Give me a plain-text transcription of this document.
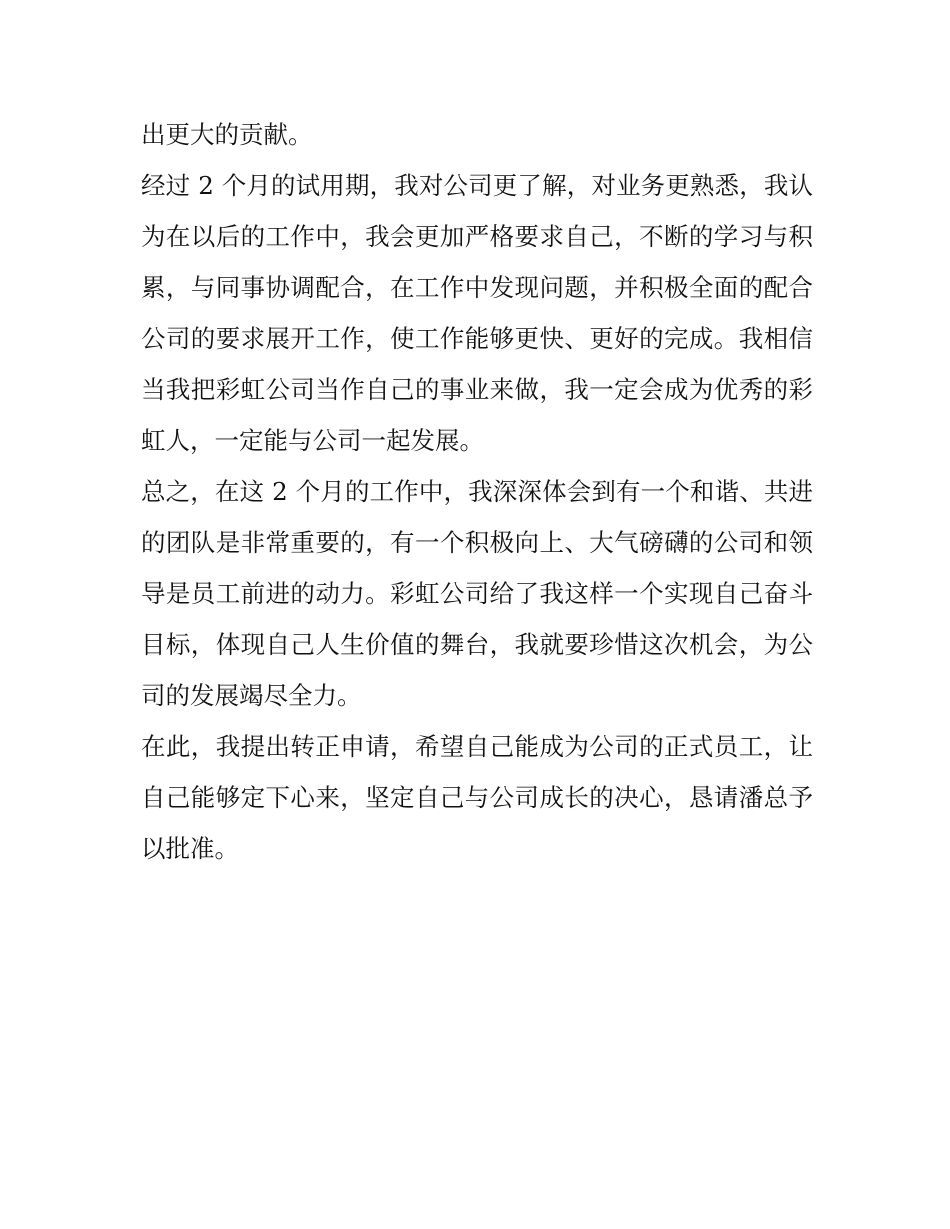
出更大的贡献。
经过 2 个月的试用期，我对公司更了解，对业务更熟悉，我认
为在以后的工作中，我会更加严格要求自己，不断的学习与积
累，与同事协调配合，在工作中发现问题，并积极全面的配合
公司的要求展开工作，使工作能够更快、更好的完成。我相信
当我把彩虹公司当作自己的事业来做，我一定会成为优秀的彩
虹人，一定能与公司一起发展。
总之，在这 2 个月的工作中，我深深体会到有一个和谐、共进
的团队是非常重要的，有一个积极向上、大气磅礴的公司和领
导是员工前进的动力。彩虹公司给了我这样一个实现自己奋斗
目标，体现自己人生价值的舞台，我就要珍惜这次机会，为公
司的发展竭尽全力。
在此，我提出转正申请，希望自己能成为公司的正式员工，让
自己能够定下心来，坚定自己与公司成长的决心，恳请潘总予
以批准。
